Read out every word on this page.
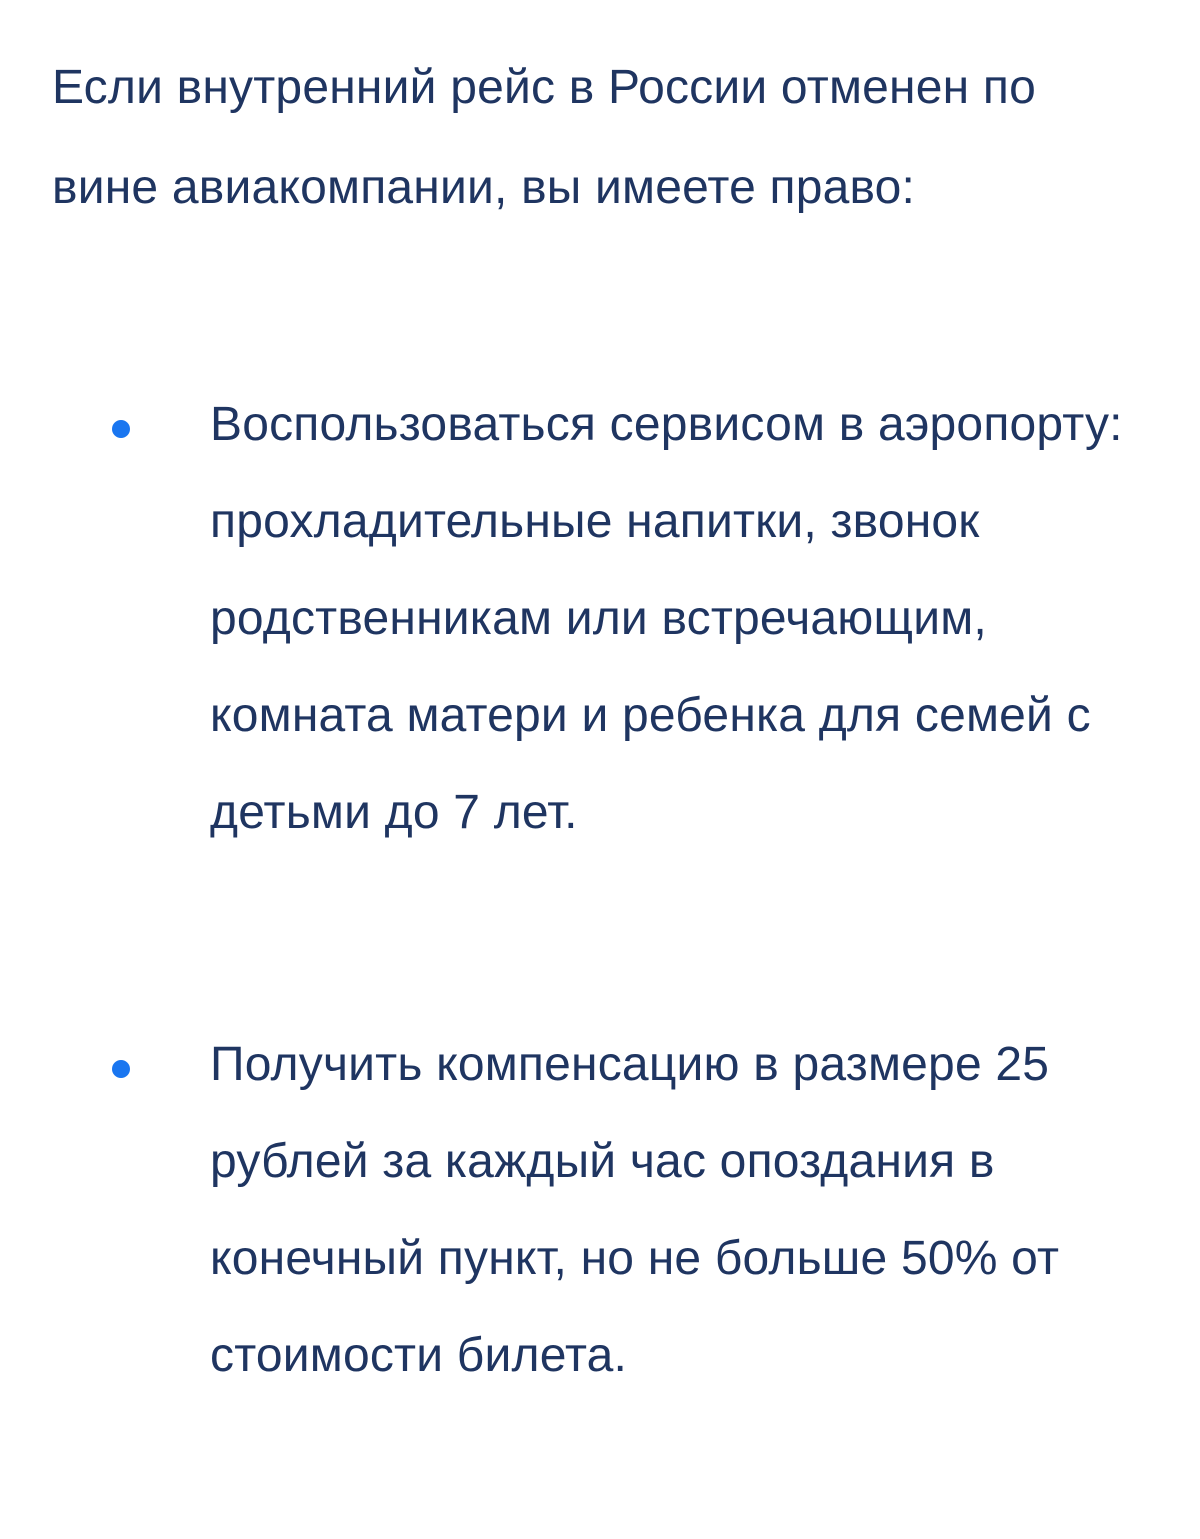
Если внутренний рейс в России отменен по вине авиакомпании, вы имеете право:

Воспользоваться сервисом в аэропорту: прохладительные напитки, звонок родственникам или встречающим, комната матери и ребенка для семей с детьми до 7 лет.

Получить компенсацию в размере 25 рублей за каждый час опоздания в конечный пункт, но не больше 50% от стоимости билета.
